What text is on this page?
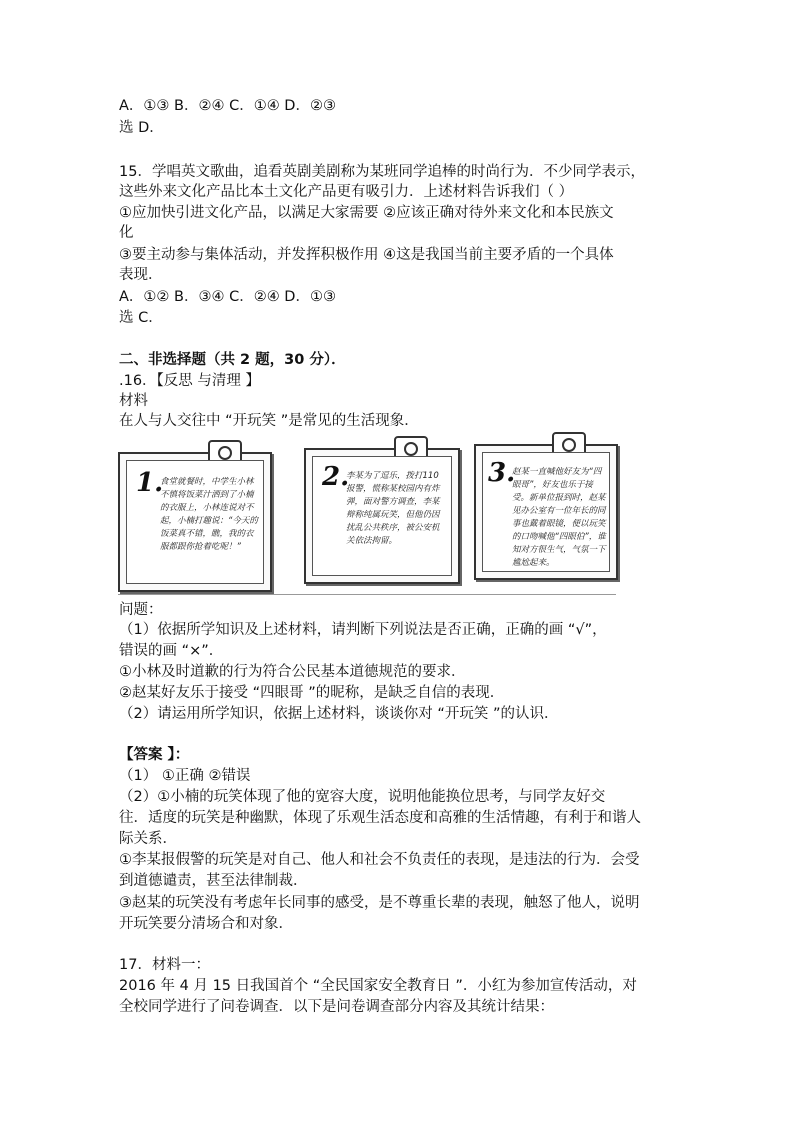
A．①③ B．②④ C．①④ D．②③
选 D．
15．学唱英文歌曲，追看英剧美剧称为某班同学追棒的时尚行为．不少同学表示，
这些外来文化产品比本土文化产品更有吸引力．上述材料告诉我们（ ）
①应加快引进文化产品，以满足大家需要 ②应该正确对待外来文化和本民族文
化
③要主动参与集体活动，并发挥积极作用 ④这是我国当前主要矛盾的一个具体
表现．
A．①② B．③④ C．②④ D．①③
选 C．
二、非选择题（共 2 题，30 分）．
.16．【反思 与清理 】
材料
在人与人交往中 “开玩笑 ”是常见的生活现象．
1.
食堂就餐时，中学生小林不慎将饭菜汁洒到了小楠的衣服上，小林连说对不起，小楠打趣说：“今天的饭菜真不错，瞧，我的衣服都跟你抢着吃呢！”
2.
李某为了逗乐，拨打110报警，慌称某校园内有炸弹，面对警方调查，李某辩称纯属玩笑，但他仍因扰乱公共秩序，被公安机关依法拘留。
3.
赵某一直喊他好友为“四眼哥”，好友也乐于接受。新单位报到时，赵某见办公室有一位年长的同事也戴着眼镜，便以玩笑的口吻喊他“四眼伯”，谁知对方很生气，气氛一下尴尬起来。
问题：
（1）依据所学知识及上述材料，请判断下列说法是否正确，正确的画 “√”，
错误的画 “×”．
①小林及时道歉的行为符合公民基本道德规范的要求．
②赵某好友乐于接受 “四眼哥 ”的昵称，是缺乏自信的表现．
（2）请运用所学知识，依据上述材料，谈谈你对 “开玩笑 ”的认识．
【答案 】：
（1） ①正确 ②错误
（2）①小楠的玩笑体现了他的宽容大度，说明他能换位思考，与同学友好交
往．适度的玩笑是种幽默，体现了乐观生活态度和高雅的生活情趣，有利于和谐人
际关系．
①李某报假警的玩笑是对自己、他人和社会不负责任的表现，是违法的行为．会受
到道德谴责，甚至法律制裁．
③赵某的玩笑没有考虑年长同事的感受，是不尊重长辈的表现，触怒了他人，说明
开玩笑要分清场合和对象．
17．材料一：
2016 年 4 月 15 日我国首个 “全民国家安全教育日 ”．小红为参加宣传活动，对
全校同学进行了问卷调查．以下是问卷调查部分内容及其统计结果：
